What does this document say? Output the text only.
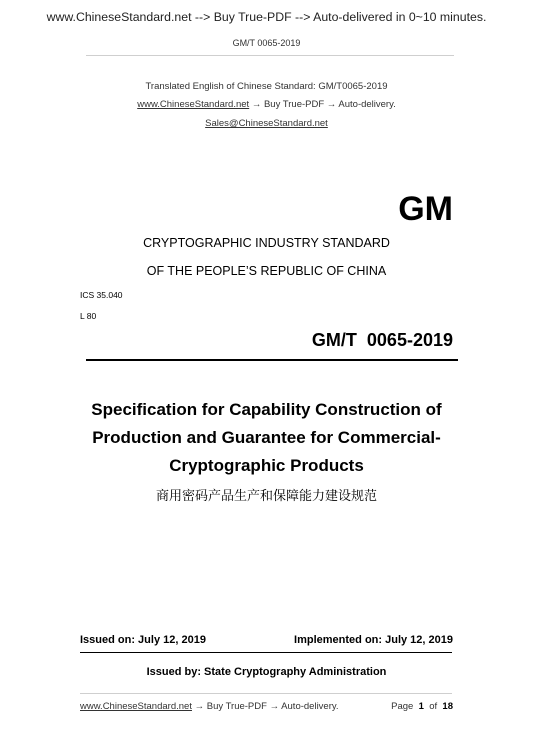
www.ChineseStandard.net --> Buy True-PDF --> Auto-delivered in 0~10 minutes.
GM/T 0065-2019
Translated English of Chinese Standard: GM/T0065-2019
www.ChineseStandard.net → Buy True-PDF → Auto-delivery.
Sales@ChineseStandard.net
GM
CRYPTOGRAPHIC INDUSTRY STANDARD
OF THE PEOPLE’S REPUBLIC OF CHINA
ICS 35.040
L 80
GM/T  0065-2019
Specification for Capability Construction of
Production and Guarantee for Commercial-
Cryptographic Products
商用密码产品生产和保障能力建设规范
Issued on: July 12, 2019	Implemented on: July 12, 2019
Issued by: State Cryptography Administration
www.ChineseStandard.net → Buy True-PDF → Auto-delivery.	Page 1 of 18
